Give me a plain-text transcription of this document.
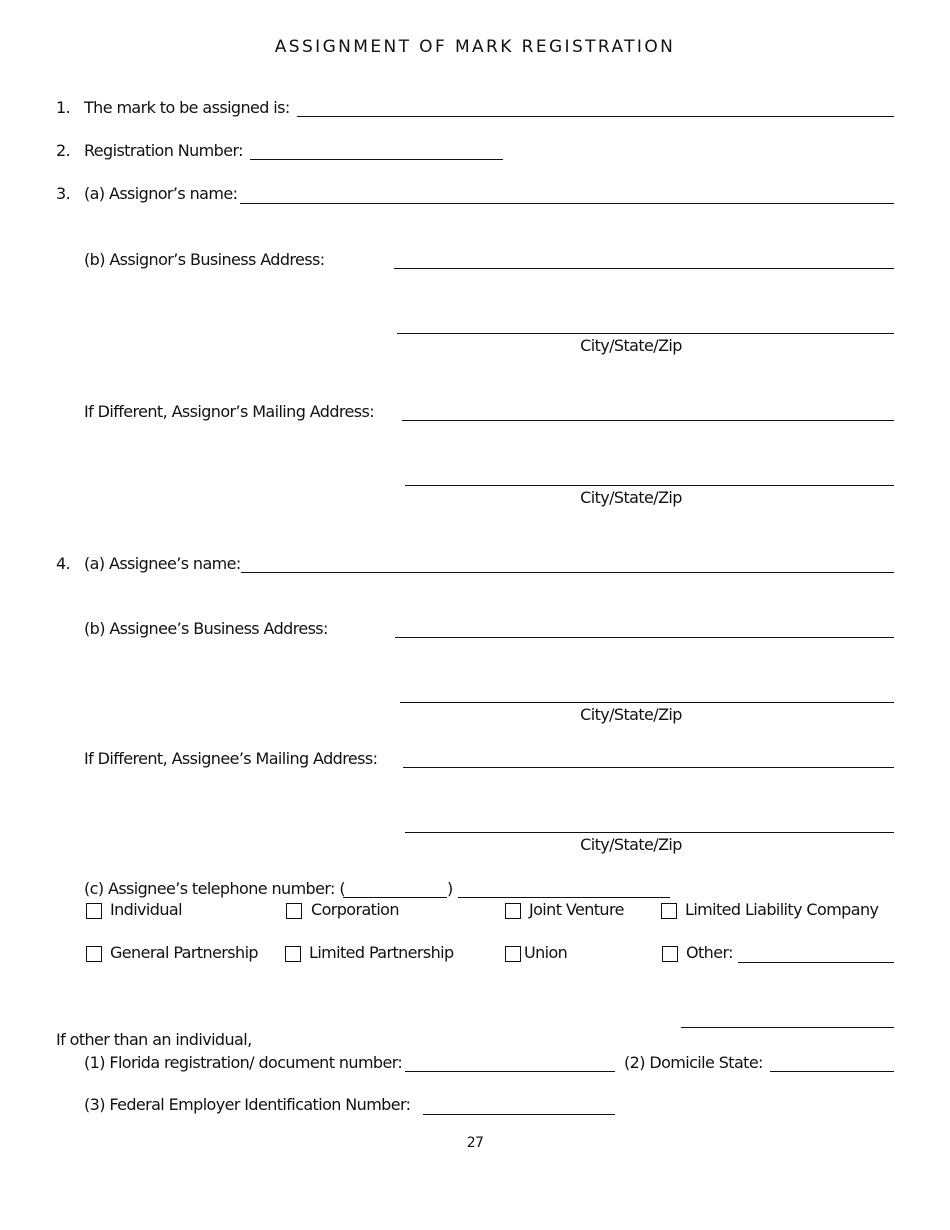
ASSIGNMENT OF MARK REGISTRATION
1. The mark to be assigned is:
2. Registration Number:
3. (a) Assignor’s name:
(b) Assignor’s Business Address:
City/State/Zip
If Different, Assignor’s Mailing Address:
City/State/Zip
4. (a) Assignee’s name:
(b) Assignee’s Business Address:
City/State/Zip
If Different, Assignee’s Mailing Address:
City/State/Zip
(c) Assignee’s telephone number: (	)
Individual	Corporation	Joint Venture	Limited Liability Company
General Partnership	Limited Partnership	Union	Other:
If other than an individual,
(1) Florida registration/ document number:	(2) Domicile State:
(3) Federal Employer Identification Number:
27
